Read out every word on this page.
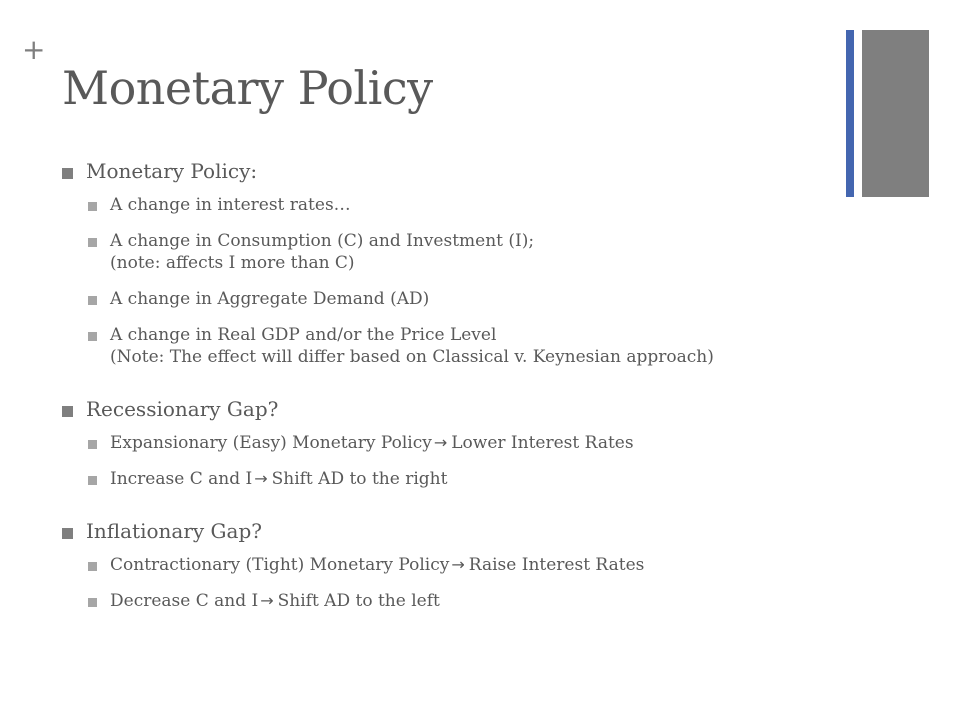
+
Monetary Policy
Monetary Policy:
A change in interest rates…
A change in Consumption (C) and Investment (I);
(note: affects I more than C)
A change in Aggregate Demand (AD)
A change in Real GDP and/or the Price Level
(Note: The effect will differ based on Classical v. Keynesian approach)
Recessionary Gap?
Expansionary (Easy) Monetary Policy → Lower Interest Rates
Increase C and I → Shift AD to the right
Inflationary Gap?
Contractionary (Tight) Monetary Policy → Raise Interest Rates
Decrease C and I → Shift AD to the left
